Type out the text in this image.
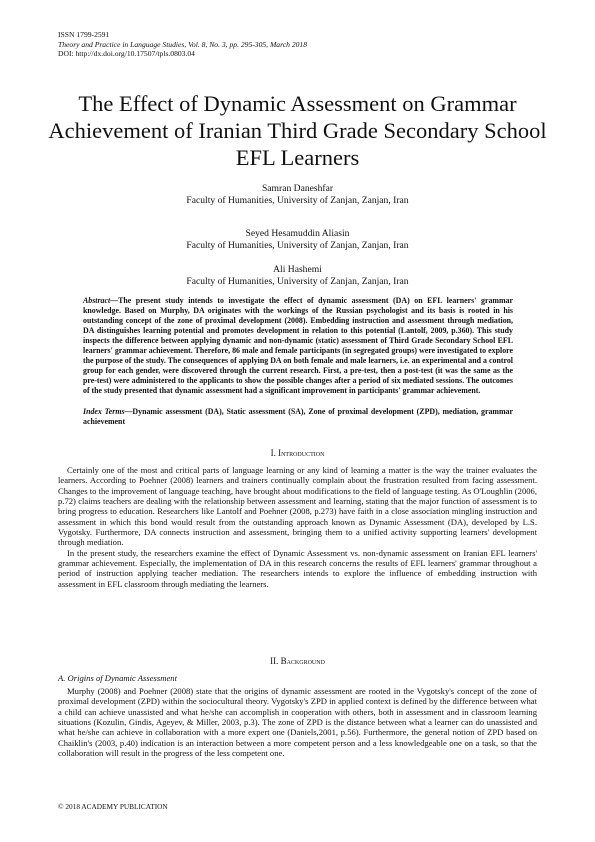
ISSN 1799-2591
Theory and Practice in Language Studies, Vol. 8, No. 3, pp. 295-305, March 2018
DOI: http://dx.doi.org/10.17507/tpls.0803.04
The Effect of Dynamic Assessment on Grammar Achievement of Iranian Third Grade Secondary School EFL Learners
Samran Daneshfar
Faculty of Humanities, University of Zanjan, Zanjan, Iran
Seyed Hesamuddin Aliasin
Faculty of Humanities, University of Zanjan, Zanjan, Iran
Ali Hashemi
Faculty of Humanities, University of Zanjan, Zanjan, Iran
Abstract—The present study intends to investigate the effect of dynamic assessment (DA) on EFL learners' grammar knowledge. Based on Murphy, DA originates with the workings of the Russian psychologist and its basis is rooted in his outstanding concept of the zone of proximal development (2008). Embedding instruction and assessment through mediation, DA distinguishes learning potential and promotes development in relation to this potential (Lantolf, 2009, p.360). This study inspects the difference between applying dynamic and non-dynamic (static) assessment of Third Grade Secondary School EFL learners' grammar achievement. Therefore, 86 male and female participants (in segregated groups) were investigated to explore the purpose of the study. The consequences of applying DA on both female and male learners, i.e. an experimental and a control group for each gender, were discovered through the current research. First, a pre-test, then a post-test (it was the same as the pre-test) were administered to the applicants to show the possible changes after a period of six mediated sessions. The outcomes of the study presented that dynamic assessment had a significant improvement in participants' grammar achievement.
Index Terms—Dynamic assessment (DA), Static assessment (SA), Zone of proximal development (ZPD), mediation, grammar achievement
I. Introduction

Certainly one of the most and critical parts of language learning or any kind of learning a matter is the way the trainer evaluates the learners. According to Poehner (2008) learners and trainers continually complain about the frustration resulted from facing assessment. Changes to the improvement of language teaching, have brought about modifications to the field of language testing. As O'Loughlin (2006, p.72) claims teachers are dealing with the relationship between assessment and learning, stating that the major function of assessment is to bring progress to education. Researchers like Lantolf and Poehner (2008, p.273) have faith in a close association mingling instruction and assessment in which this bond would result from the outstanding approach known as Dynamic Assessment (DA), developed by L.S. Vygotsky. Furthermore, DA connects instruction and assessment, bringing them to a unified activity supporting learners' development through mediation.

In the present study, the researchers examine the effect of Dynamic Assessment vs. non-dynamic assessment on Iranian EFL learners' grammar achievement. Especially, the implementation of DA in this research concerns the results of EFL learners' grammar throughout a period of instruction applying teacher mediation. The researchers intends to explore the influence of embedding instruction with assessment in EFL classroom through mediating the learners.

II. Background
A. Origins of Dynamic Assessment

Murphy (2008) and Poehner (2008) state that the origins of dynamic assessment are rooted in the Vygotsky's concept of the zone of proximal development (ZPD) within the sociocultural theory. Vygotsky's ZPD in applied context is defined by the difference between what a child can achieve unassisted and what he/she can accomplish in cooperation with others, both in assessment and in classroom learning situations (Kozulin, Gindis, Ageyev, & Miller, 2003, p.3). The zone of ZPD is the distance between what a learner can do unassisted and what he/she can achieve in collaboration with a more expert one (Daniels,2001, p.56). Furthermore, the general notion of ZPD based on Chaiklin's (2003, p.40) indication is an interaction between a more competent person and a less knowledgeable one on a task, so that the collaboration will result in the progress of the less competent one.

© 2018 ACADEMY PUBLICATION
